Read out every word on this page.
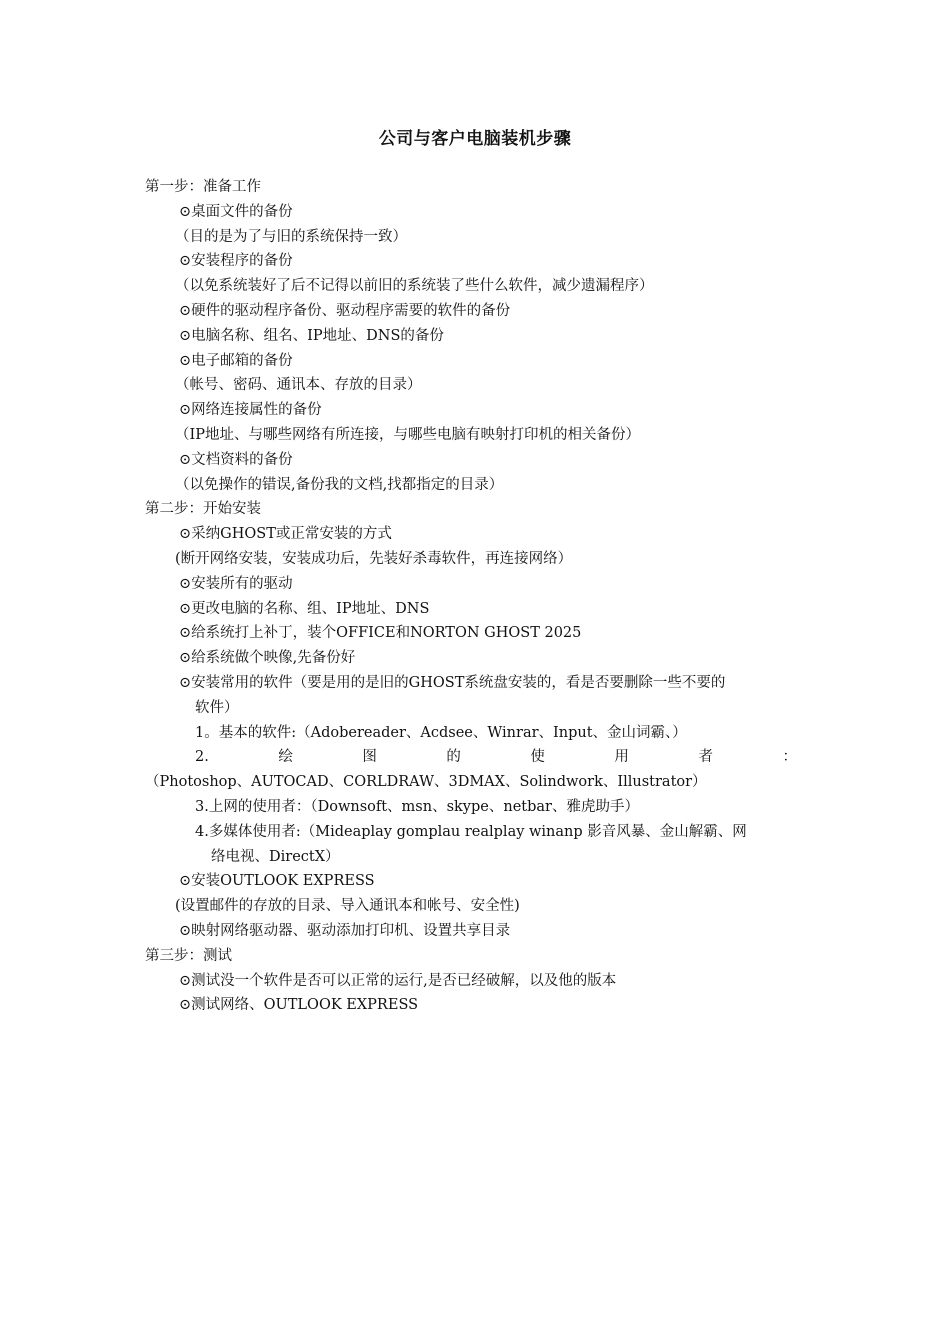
公司与客户电脑装机步骤
第一步：准备工作
⊙桌面文件的备份
（目的是为了与旧的系统保持一致）
⊙安装程序的备份
（以免系统装好了后不记得以前旧的系统装了些什么软件，减少遗漏程序）
⊙硬件的驱动程序备份、驱动程序需要的软件的备份
⊙电脑名称、组名、IP地址、DNS的备份
⊙电子邮箱的备份
（帐号、密码、通讯本、存放的目录）
⊙网络连接属性的备份
（IP地址、与哪些网络有所连接，与哪些电脑有映射打印机的相关备份）
⊙文档资料的备份
（以免操作的错误,备份我的文档,找都指定的目录）
第二步：开始安装
⊙采纳GHOST或正常安装的方式
(断开网络安装，安装成功后，先装好杀毒软件，再连接网络）
⊙安装所有的驱动
⊙更改电脑的名称、组、IP地址、DNS
⊙给系统打上补丁，装个OFFICE和NORTON GHOST 2025
⊙给系统做个映像,先备份好
⊙安装常用的软件（要是用的是旧的GHOST系统盘安装的，看是否要删除一些不要的
软件）
1。基本的软件:（Adobereader、Acdsee、Winrar、Input、金山词霸、）
2.	绘	图	的	使	用	者	：
（Photoshop、AUTOCAD、CORLDRAW、3DMAX、Solindwork、Illustrator）
3.上网的使用者：（Downsoft、msn、skype、netbar、雅虎助手）
4.多媒体使用者:（Mideaplay gomplau realplay winanp 影音风暴、金山解霸、网
络电视、DirectX）
⊙安装OUTLOOK EXPRESS
(设置邮件的存放的目录、导入通讯本和帐号、安全性)
⊙映射网络驱动器、驱动添加打印机、设置共享目录
第三步：测试
⊙测试没一个软件是否可以正常的运行,是否已经破解，以及他的版本
⊙测试网络、OUTLOOK EXPRESS
